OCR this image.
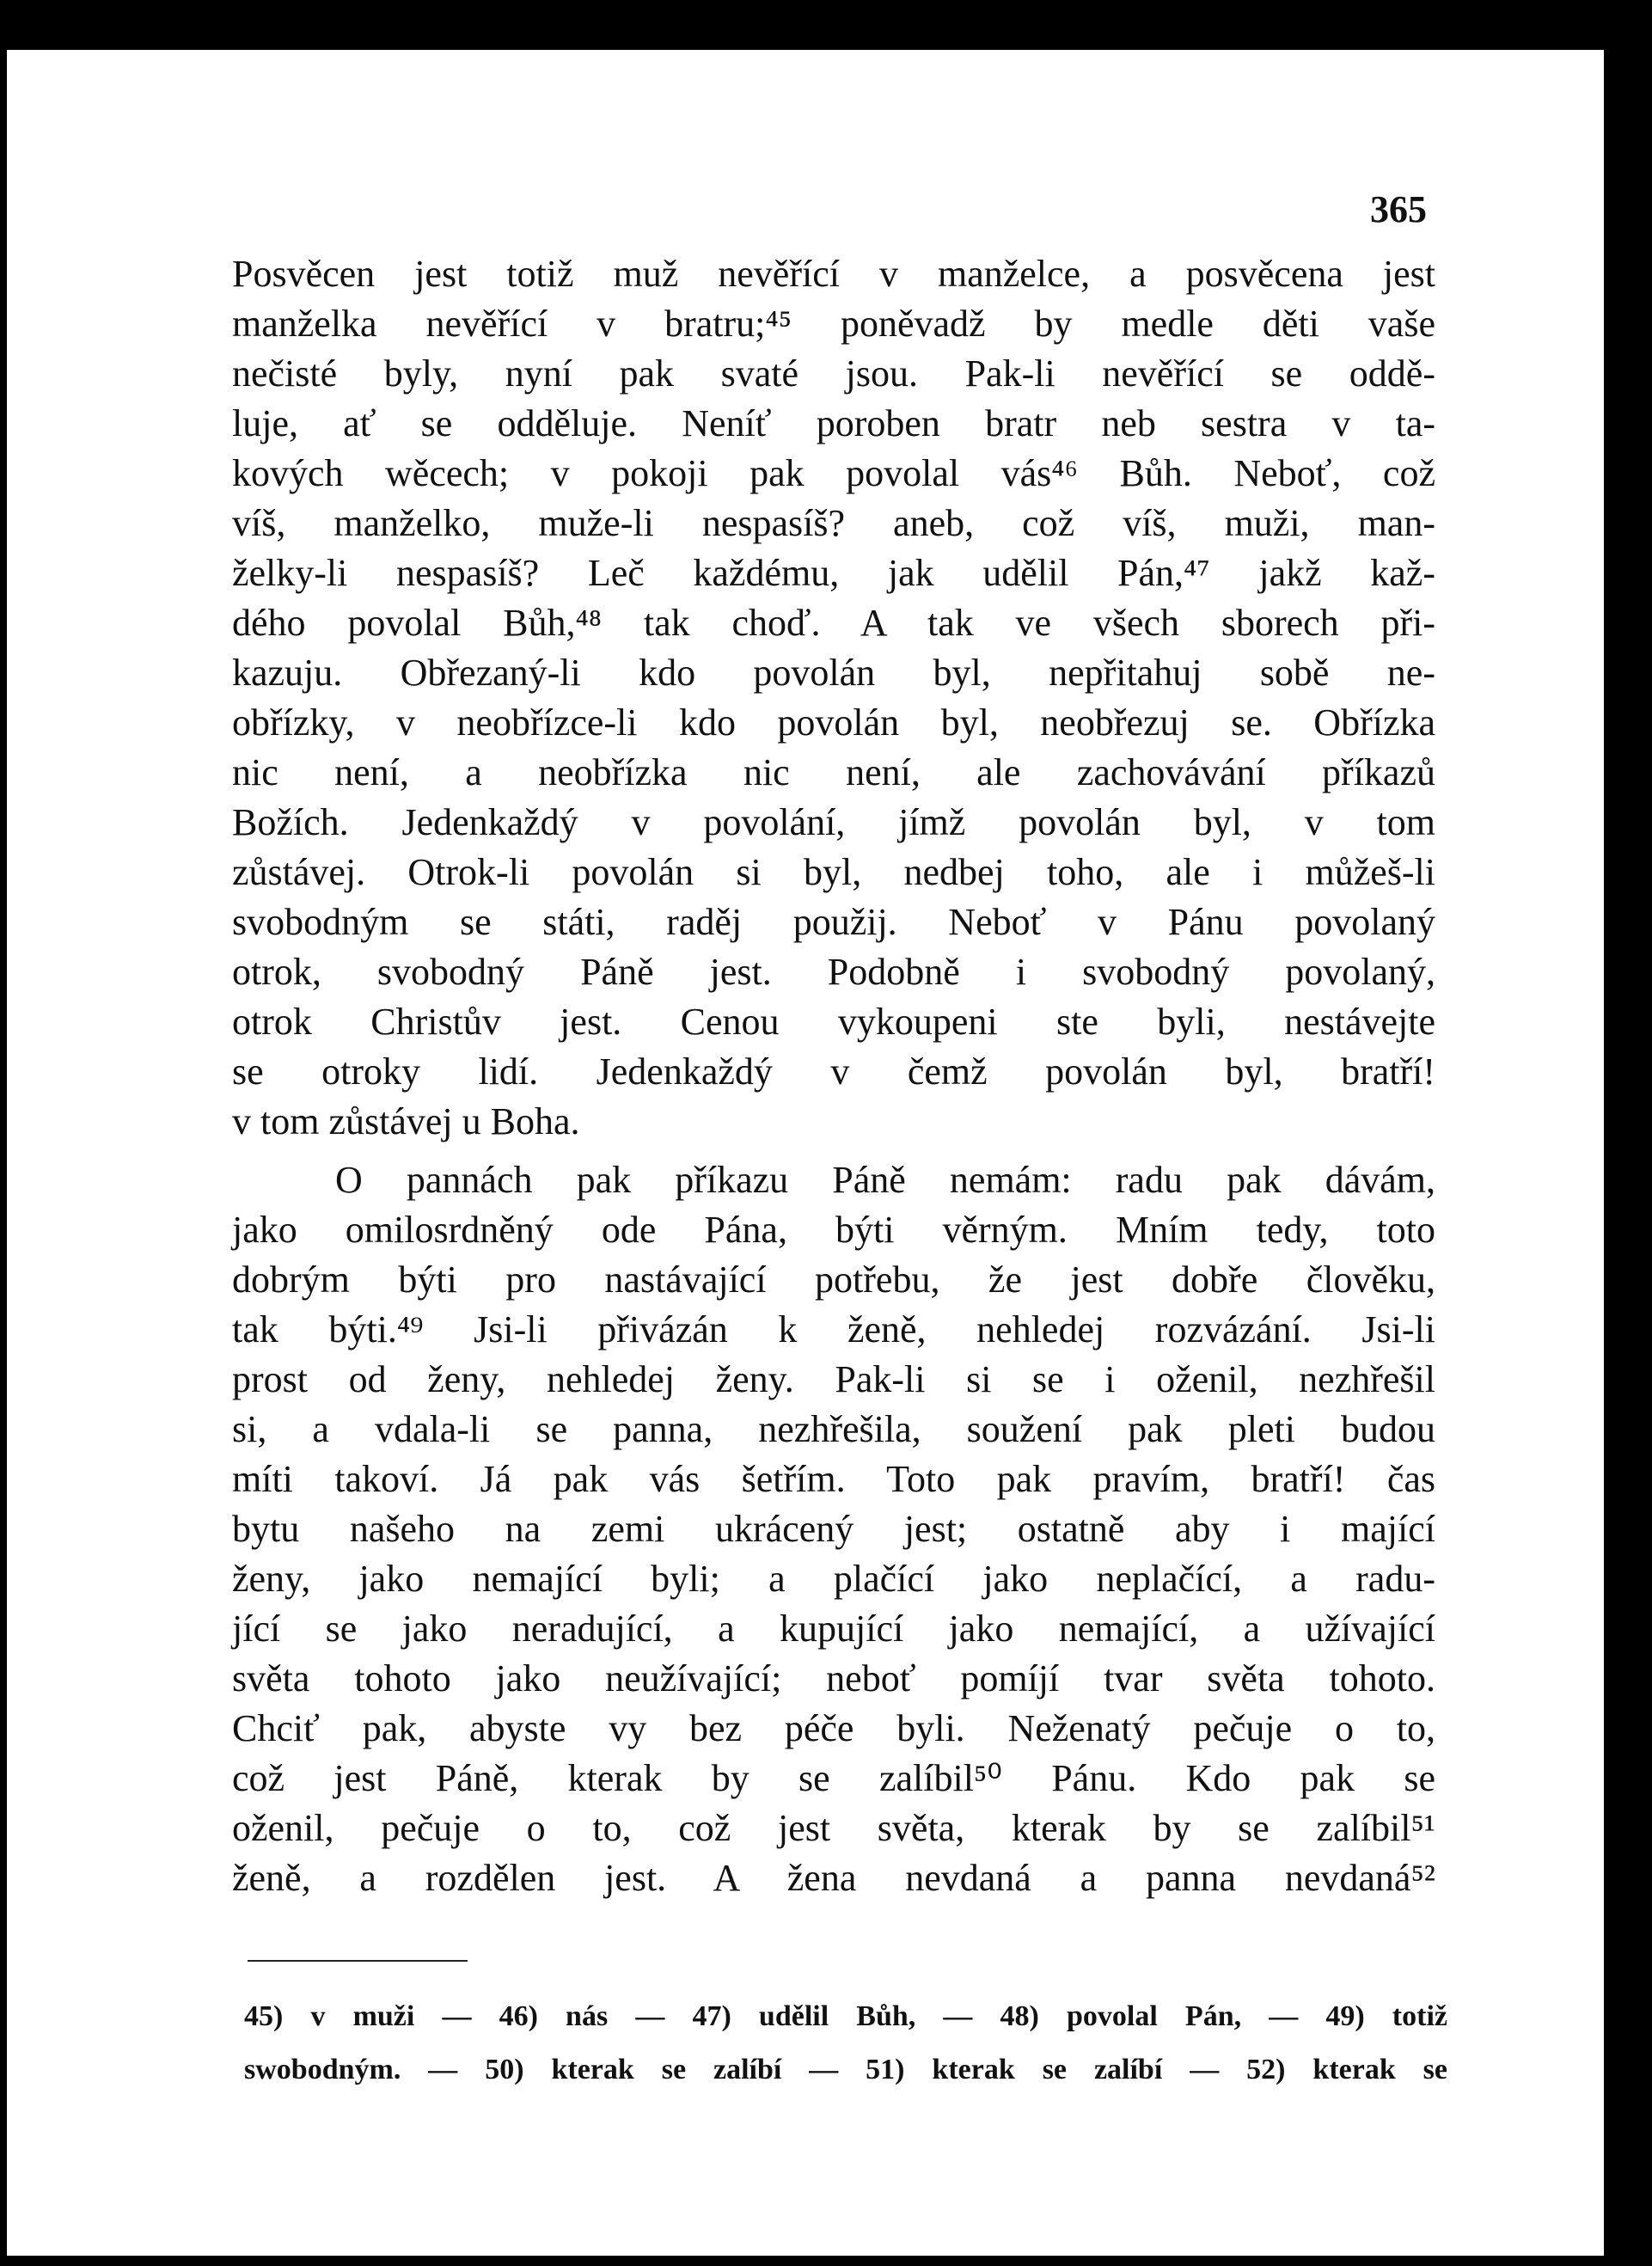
365
Posvěcen jest totiž muž nevěřící v manželce, a posvěcena jest
manželka nevěřící v bratru;⁴⁵ poněvadž by medle děti vaše
nečisté byly, nyní pak svaté jsou. Pak-li nevěřící se oddě-
luje, ať se odděluje. Neníť poroben bratr neb sestra v ta-
kových wěcech; v pokoji pak povolal vás⁴⁶ Bůh. Neboť, což
víš, manželko, muže-li nespasíš? aneb, což víš, muži, man-
želky-li nespasíš? Leč každému, jak udělil Pán,⁴⁷ jakž kaž-
dého povolal Bůh,⁴⁸ tak choď. A tak ve všech sborech při-
kazuju. Obřezaný-li kdo povolán byl, nepřitahuj sobě ne-
obřízky, v neobřízce-li kdo povolán byl, neobřezuj se. Obřízka
nic není, a neobřízka nic není, ale zachovávání příkazů
Božích. Jedenkaždý v povolání, jímž povolán byl, v tom
zůstávej. Otrok-li povolán si byl, nedbej toho, ale i můžeš-li
svobodným se státi, raděj použij. Neboť v Pánu povolaný
otrok, svobodný Páně jest. Podobně i svobodný povolaný,
otrok Christův jest. Cenou vykoupeni ste byli, nestávejte
se otroky lidí. Jedenkaždý v čemž povolán byl, bratří!
v tom zůstávej u Boha.
O pannách pak příkazu Páně nemám: radu pak dávám,
jako omilosrdněný ode Pána, býti věrným. Mním tedy, toto
dobrým býti pro nastávající potřebu, že jest dobře člověku,
tak býti.⁴⁹ Jsi-li přivázán k ženě, nehledej rozvázání. Jsi-li
prost od ženy, nehledej ženy. Pak-li si se i oženil, nezhřešil
si, a vdala-li se panna, nezhřešila, soužení pak pleti budou
míti takoví. Já pak vás šetřím. Toto pak pravím, bratří! čas
bytu našeho na zemi ukrácený jest; ostatně aby i mající
ženy, jako nemající byli; a plačící jako neplačící, a radu-
jící se jako neradující, a kupující jako nemající, a užívající
světa tohoto jako neužívající; neboť pomíjí tvar světa tohoto.
Chciť pak, abyste vy bez péče byli. Neženatý pečuje o to,
což jest Páně, kterak by se zalíbil⁵⁰ Pánu. Kdo pak se
oženil, pečuje o to, což jest světa, kterak by se zalíbil⁵¹
ženě, a rozdělen jest. A žena nevdaná a panna nevdaná⁵²
45) v muži — 46) nás — 47) udělil Bůh, — 48) povolal Pán, — 49) totiž
swobodným. — 50) kterak se zalíbí — 51) kterak se zalíbí — 52) kterak se
